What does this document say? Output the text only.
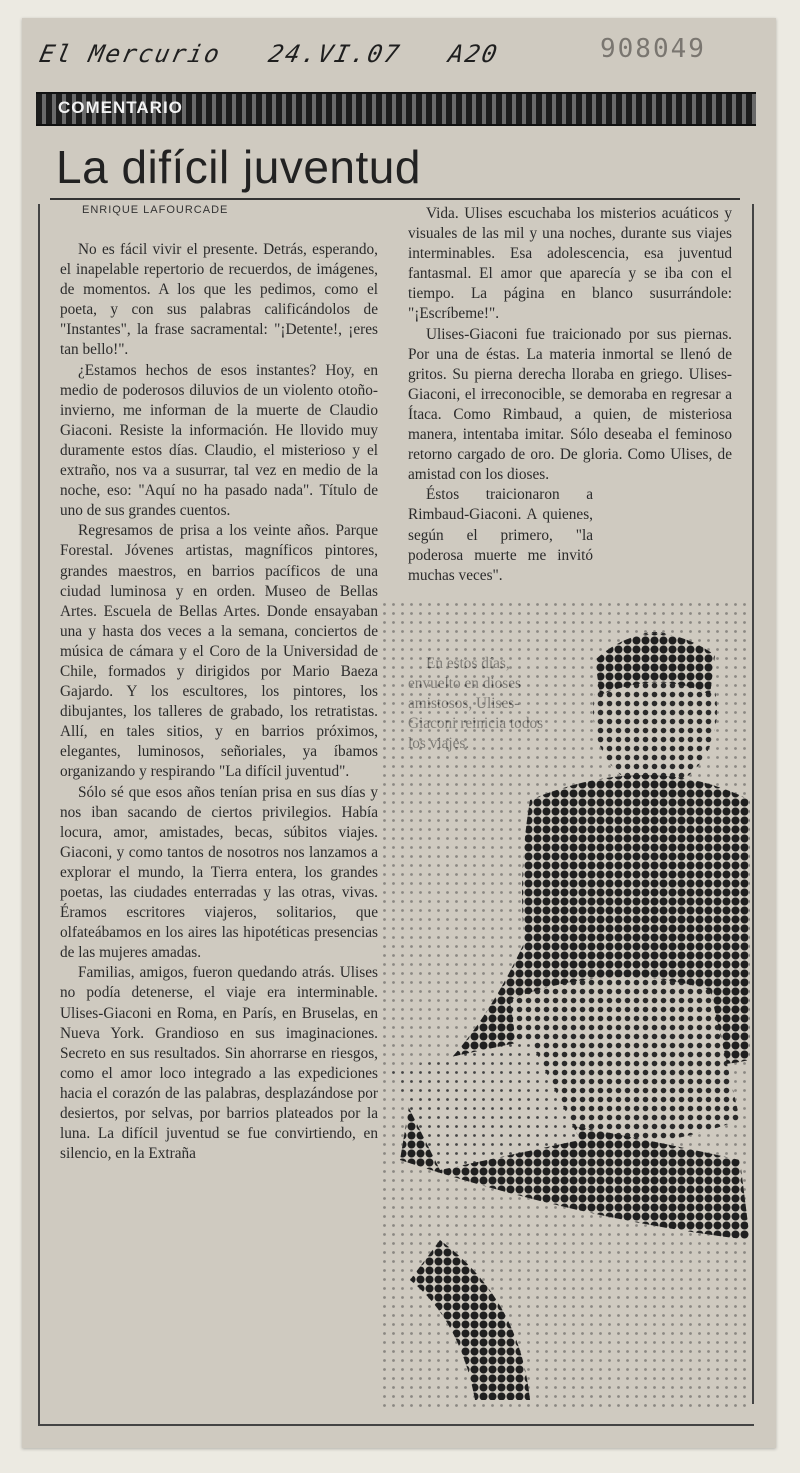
El Mercurio 24.VI.07 A20	908049
COMENTARIO
La difícil juventud
ENRIQUE LAFOURCADE

No es fácil vivir el presente. Detrás, esperando, el inapelable repertorio de recuerdos, de imágenes, de momentos. A los que les pedimos, como el poeta, y con sus palabras calificándolos de "Instantes", la frase sacramental: "¡Detente!, ¡eres tan bello!".

¿Estamos hechos de esos instantes? Hoy, en medio de poderosos diluvios de un violento otoño-invierno, me informan de la muerte de Claudio Giaconi. Resiste la información. He llovido muy duramente estos días. Claudio, el misterioso y el extraño, nos va a susurrar, tal vez en medio de la noche, eso: "Aquí no ha pasado nada". Título de uno de sus grandes cuentos.

Regresamos de prisa a los veinte años. Parque Forestal. Jóvenes artistas, magníficos pintores, grandes maestros, en barrios pacíficos de una ciudad luminosa y en orden. Museo de Bellas Artes. Escuela de Bellas Artes. Donde ensayaban una y hasta dos veces a la semana, conciertos de música de cámara y el Coro de la Universidad de Chile, formados y dirigidos por Mario Baeza Gajardo. Y los escultores, los pintores, los dibujantes, los talleres de grabado, los retratistas. Allí, en tales sitios, y en barrios próximos, elegantes, luminosos, señoriales, ya íbamos organizando y respirando "La difícil juventud".

Sólo sé que esos años tenían prisa en sus días y nos iban sacando de ciertos privilegios. Había locura, amor, amistades, becas, súbitos viajes. Giaconi, y como tantos de nosotros nos lanzamos a explorar el mundo, la Tierra entera, los grandes poetas, las ciudades enterradas y las otras, vivas. Éramos escritores viajeros, solitarios, que olfateábamos en los aires las hipotéticas presencias de las mujeres amadas.

Familias, amigos, fueron quedando atrás. Ulises no podía detenerse, el viaje era interminable. Ulises-Giaconi en Roma, en París, en Bruselas, en Nueva York. Grandioso en sus imaginaciones. Secreto en sus resultados. Sin ahorrarse en riesgos, como el amor loco integrado a las expediciones hacia el corazón de las palabras, desplazándose por desiertos, por selvas, por barrios plateados por la luna. La difícil juventud se fue convirtiendo, en silencio, en la Extraña

Vida. Ulises escuchaba los misterios acuáticos y visuales de las mil y una noches, durante sus viajes interminables. Esa adolescencia, esa juventud fantasmal. El amor que aparecía y se iba con el tiempo. La página en blanco susurrándole: "¡Escríbeme!".

Ulises-Giaconi fue traicionado por sus piernas. Por una de éstas. La materia inmortal se llenó de gritos. Su pierna derecha lloraba en griego. Ulises-Giaconi, el irreconocible, se demoraba en regresar a Ítaca. Como Rimbaud, a quien, de misteriosa manera, intentaba imitar. Sólo deseaba el feminoso retorno cargado de oro. De gloria. Como Ulises, de amistad con los dioses.

Éstos traicionaron a Rimbaud-Giaconi. A quienes, según el primero, "la poderosa muerte me invitó muchas veces".
